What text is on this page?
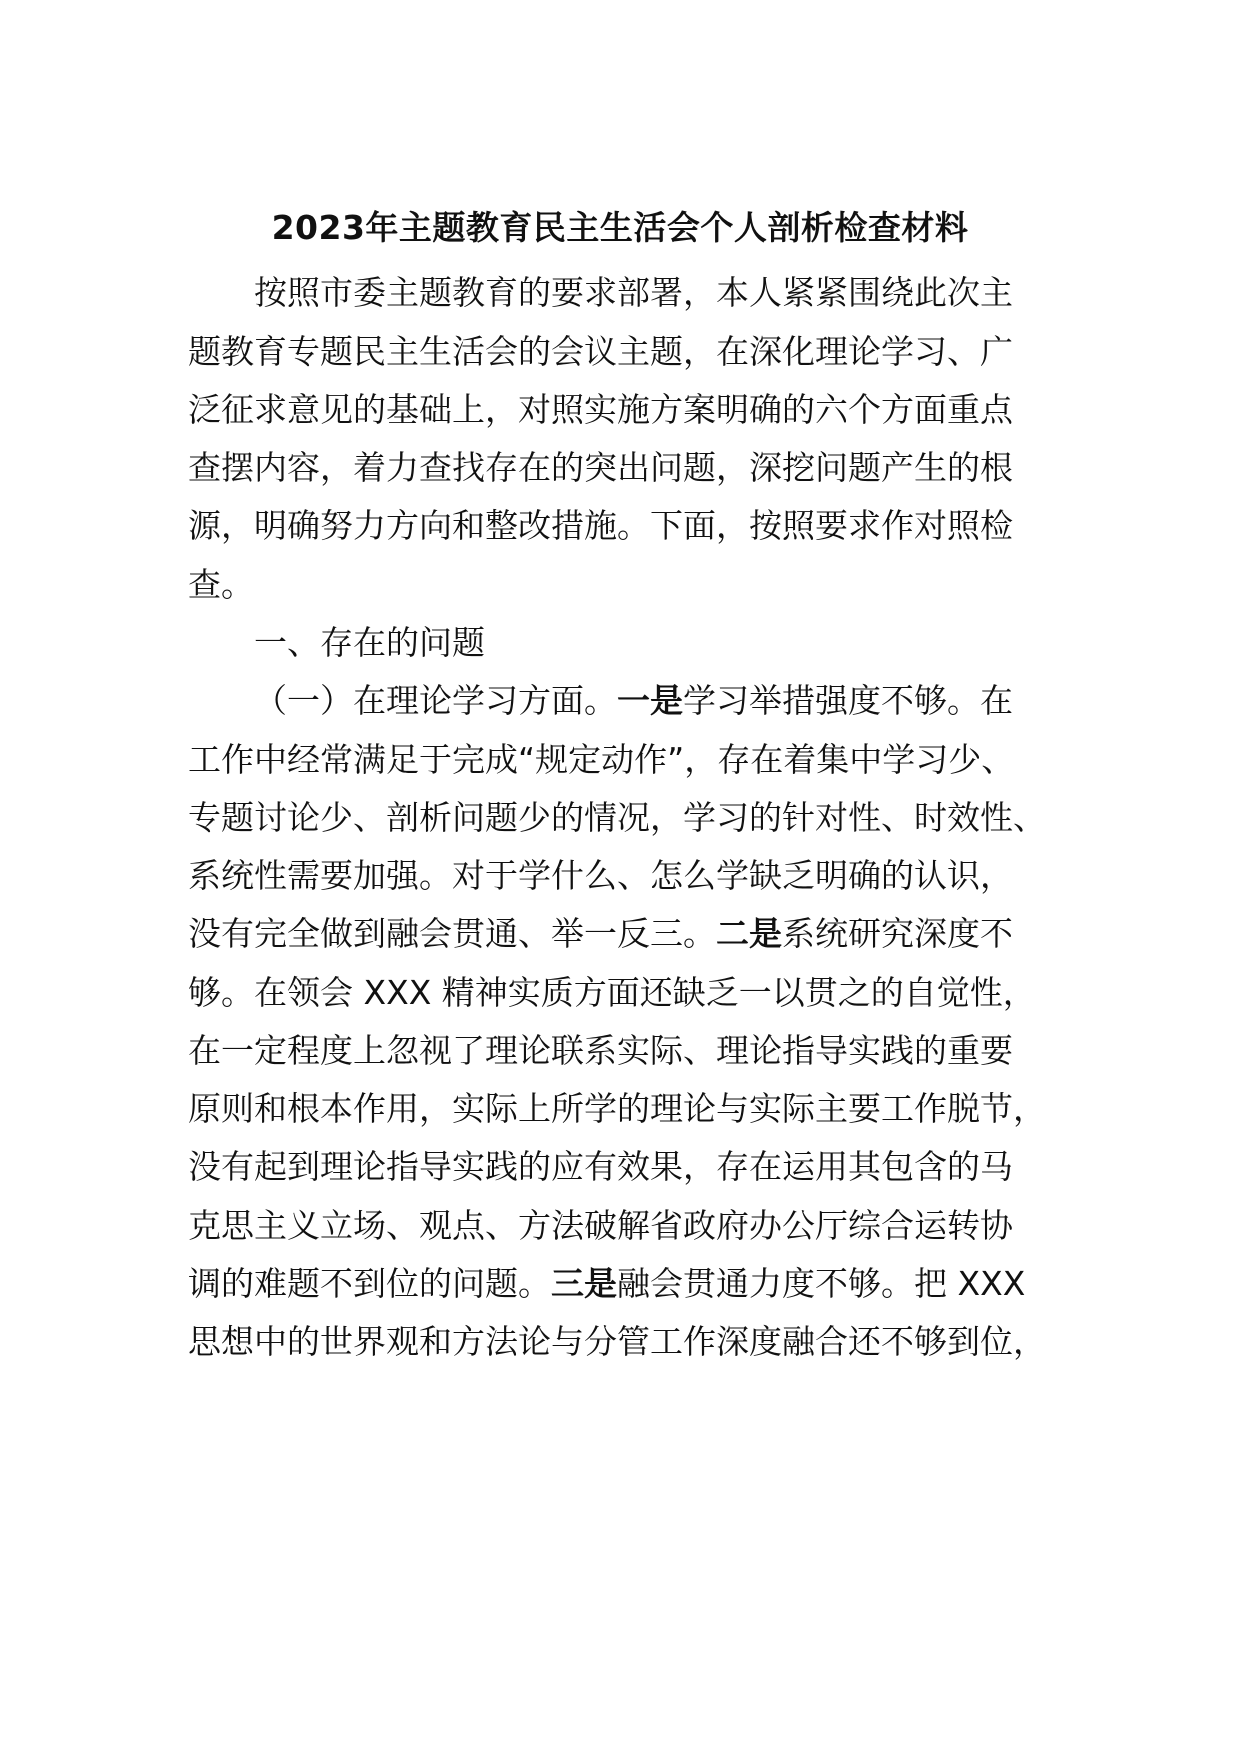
2023年主题教育民主生活会个人剖析检查材料
按照市委主题教育的要求部署，本人紧紧围绕此次主
题教育专题民主生活会的会议主题，在深化理论学习、广
泛征求意见的基础上，对照实施方案明确的六个方面重点
查摆内容，着力查找存在的突出问题，深挖问题产生的根
源，明确努力方向和整改措施。下面，按照要求作对照检
查。
一、存在的问题
（一）在理论学习方面。一是学习举措强度不够。在
工作中经常满足于完成“规定动作”，存在着集中学习少、
专题讨论少、剖析问题少的情况，学习的针对性、时效性、
系统性需要加强。对于学什么、怎么学缺乏明确的认识，
没有完全做到融会贯通、举一反三。二是系统研究深度不
够。在领会 XXX 精神实质方面还缺乏一以贯之的自觉性，
在一定程度上忽视了理论联系实际、理论指导实践的重要
原则和根本作用，实际上所学的理论与实际主要工作脱节，
没有起到理论指导实践的应有效果，存在运用其包含的马
克思主义立场、观点、方法破解省政府办公厅综合运转协
调的难题不到位的问题。三是融会贯通力度不够。把 XXX
思想中的世界观和方法论与分管工作深度融合还不够到位，
